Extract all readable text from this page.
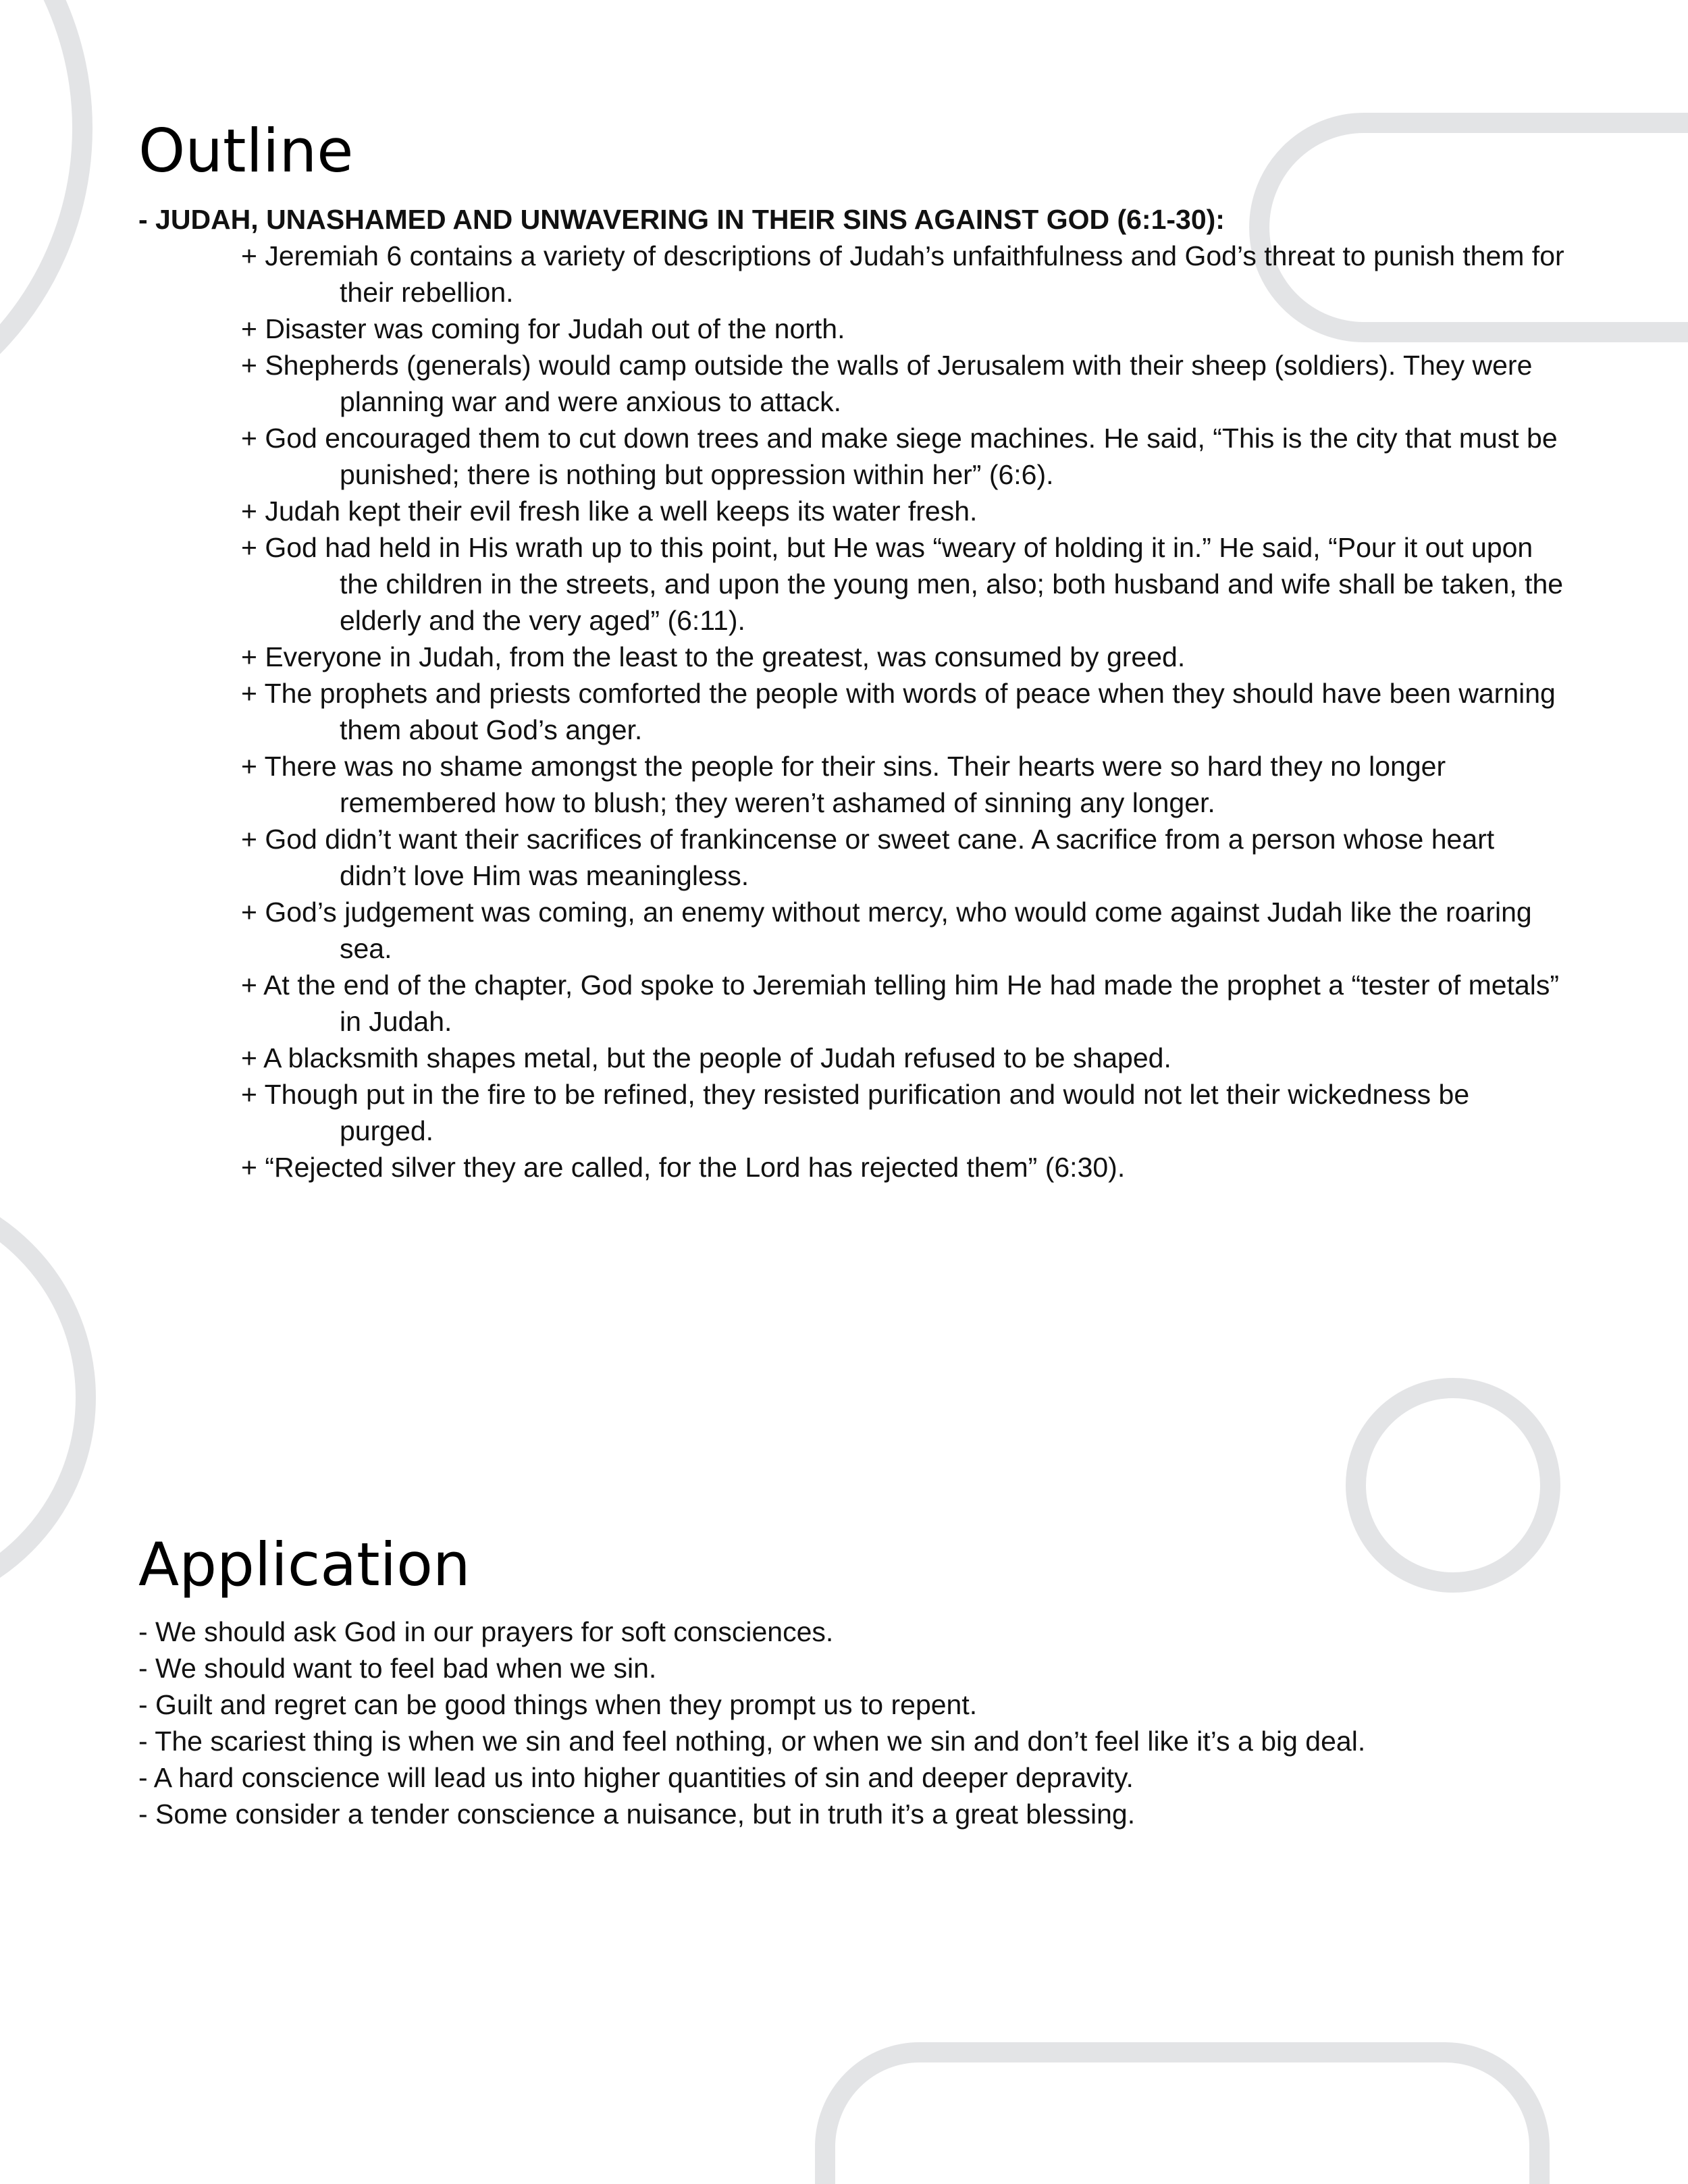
Outline

- JUDAH, UNASHAMED AND UNWAVERING IN THEIR SINS AGAINST GOD (6:1-30):

+ Jeremiah 6 contains a variety of descriptions of Judah’s unfaithfulness and God’s threat to punish them for their rebellion.
+ Disaster was coming for Judah out of the north.
+ Shepherds (generals) would camp outside the walls of Jerusalem with their sheep (soldiers). They were planning war and were anxious to attack.
+ God encouraged them to cut down trees and make siege machines. He said, “This is the city that must be punished; there is nothing but oppression within her” (6:6).
+ Judah kept their evil fresh like a well keeps its water fresh.
+ God had held in His wrath up to this point, but He was “weary of holding it in.” He said, “Pour it out upon the children in the streets, and upon the young men, also; both husband and wife shall be taken, the elderly and the very aged” (6:11).
+ Everyone in Judah, from the least to the greatest, was consumed by greed.
+ The prophets and priests comforted the people with words of peace when they should have been warning them about God’s anger.
+ There was no shame amongst the people for their sins. Their hearts were so hard they no longer remembered how to blush; they weren’t ashamed of sinning any longer.
+ God didn’t want their sacrifices of frankincense or sweet cane. A sacrifice from a person whose heart didn’t love Him was meaningless.
+ God’s judgement was coming, an enemy without mercy, who would come against Judah like the roaring sea.
+ At the end of the chapter, God spoke to Jeremiah telling him He had made the prophet a “tester of metals” in Judah.
+ A blacksmith shapes metal, but the people of Judah refused to be shaped.
+ Though put in the fire to be refined, they resisted purification and would not let their wickedness be purged.
+ “Rejected silver they are called, for the Lord has rejected them” (6:30).
Application
- We should ask God in our prayers for soft consciences.
- We should want to feel bad when we sin.
- Guilt and regret can be good things when they prompt us to repent.
- The scariest thing is when we sin and feel nothing, or when we sin and don’t feel like it’s a big deal.
- A hard conscience will lead us into higher quantities of sin and deeper depravity.
- Some consider a tender conscience a nuisance, but in truth it’s a great blessing.
